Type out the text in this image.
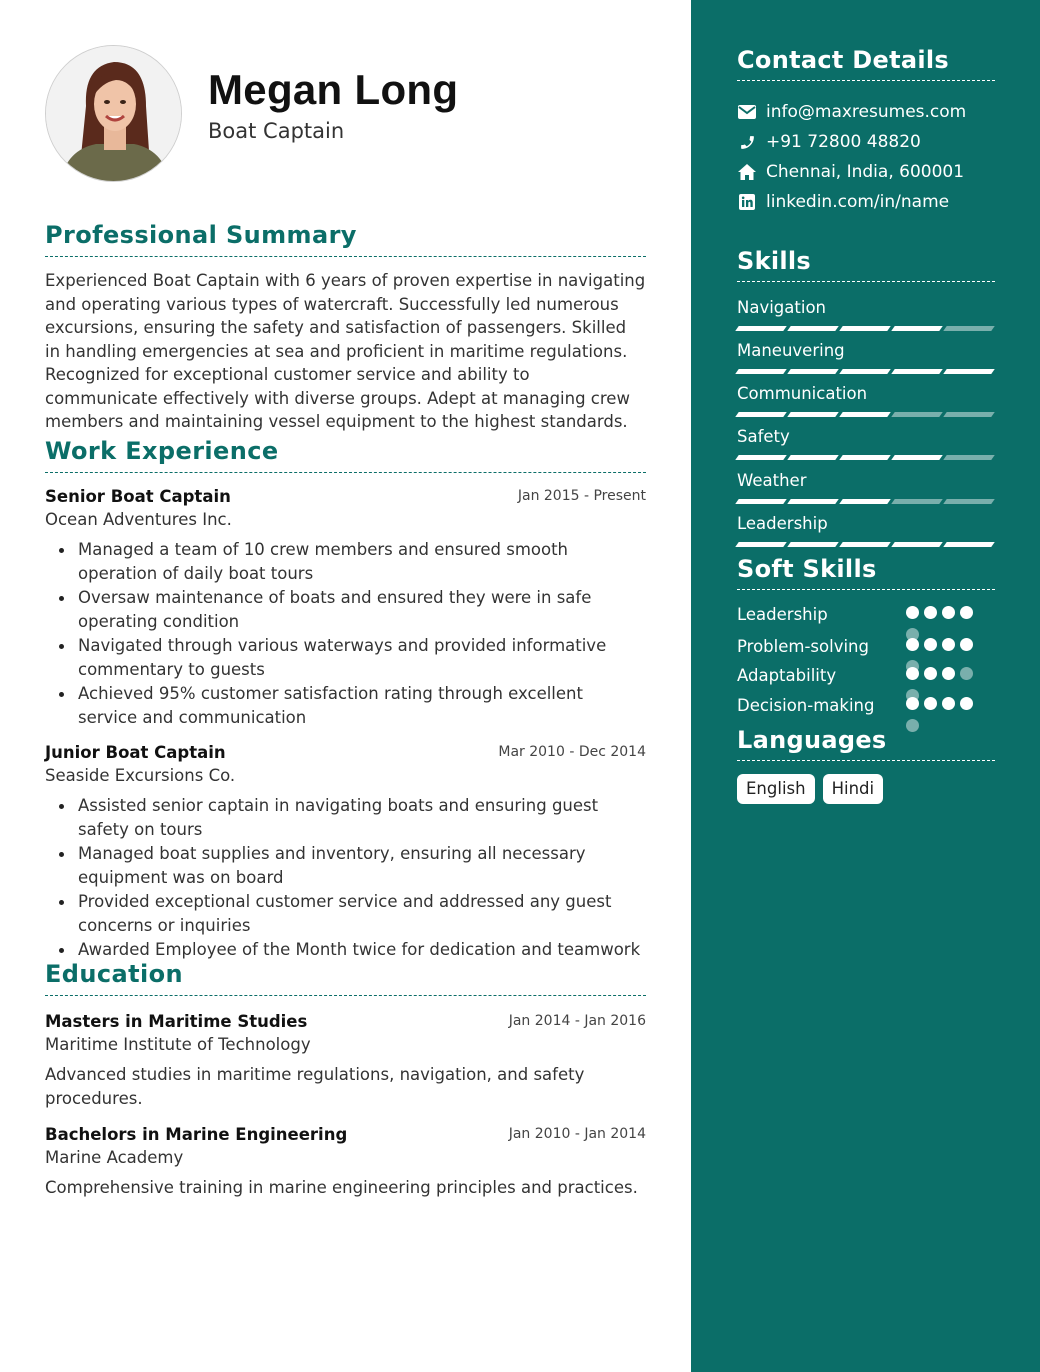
Megan Long
Boat Captain
Professional Summary
Experienced Boat Captain with 6 years of proven expertise in navigating and operating various types of watercraft. Successfully led numerous excursions, ensuring the safety and satisfaction of passengers. Skilled in handling emergencies at sea and proficient in maritime regulations. Recognized for exceptional customer service and ability to communicate effectively with diverse groups. Adept at managing crew members and maintaining vessel equipment to the highest standards.
Work Experience
Senior Boat Captain	Jan 2015 - Present
Ocean Adventures Inc.
Managed a team of 10 crew members and ensured smooth operation of daily boat tours
Oversaw maintenance of boats and ensured they were in safe operating condition
Navigated through various waterways and provided informative commentary to guests
Achieved 95% customer satisfaction rating through excellent service and communication
Junior Boat Captain	Mar 2010 - Dec 2014
Seaside Excursions Co.
Assisted senior captain in navigating boats and ensuring guest safety on tours
Managed boat supplies and inventory, ensuring all necessary equipment was on board
Provided exceptional customer service and addressed any guest concerns or inquiries
Awarded Employee of the Month twice for dedication and teamwork
Education
Masters in Maritime Studies	Jan 2014 - Jan 2016
Maritime Institute of Technology
Advanced studies in maritime regulations, navigation, and safety procedures.
Bachelors in Marine Engineering	Jan 2010 - Jan 2014
Marine Academy
Comprehensive training in marine engineering principles and practices.
Contact Details
info@maxresumes.com
+91 72800 48820
Chennai, India, 600001
linkedin.com/in/name
Skills
Navigation
Maneuvering
Communication
Safety
Weather
Leadership
Soft Skills
Leadership
Problem-solving
Adaptability
Decision-making
Languages
English	Hindi
